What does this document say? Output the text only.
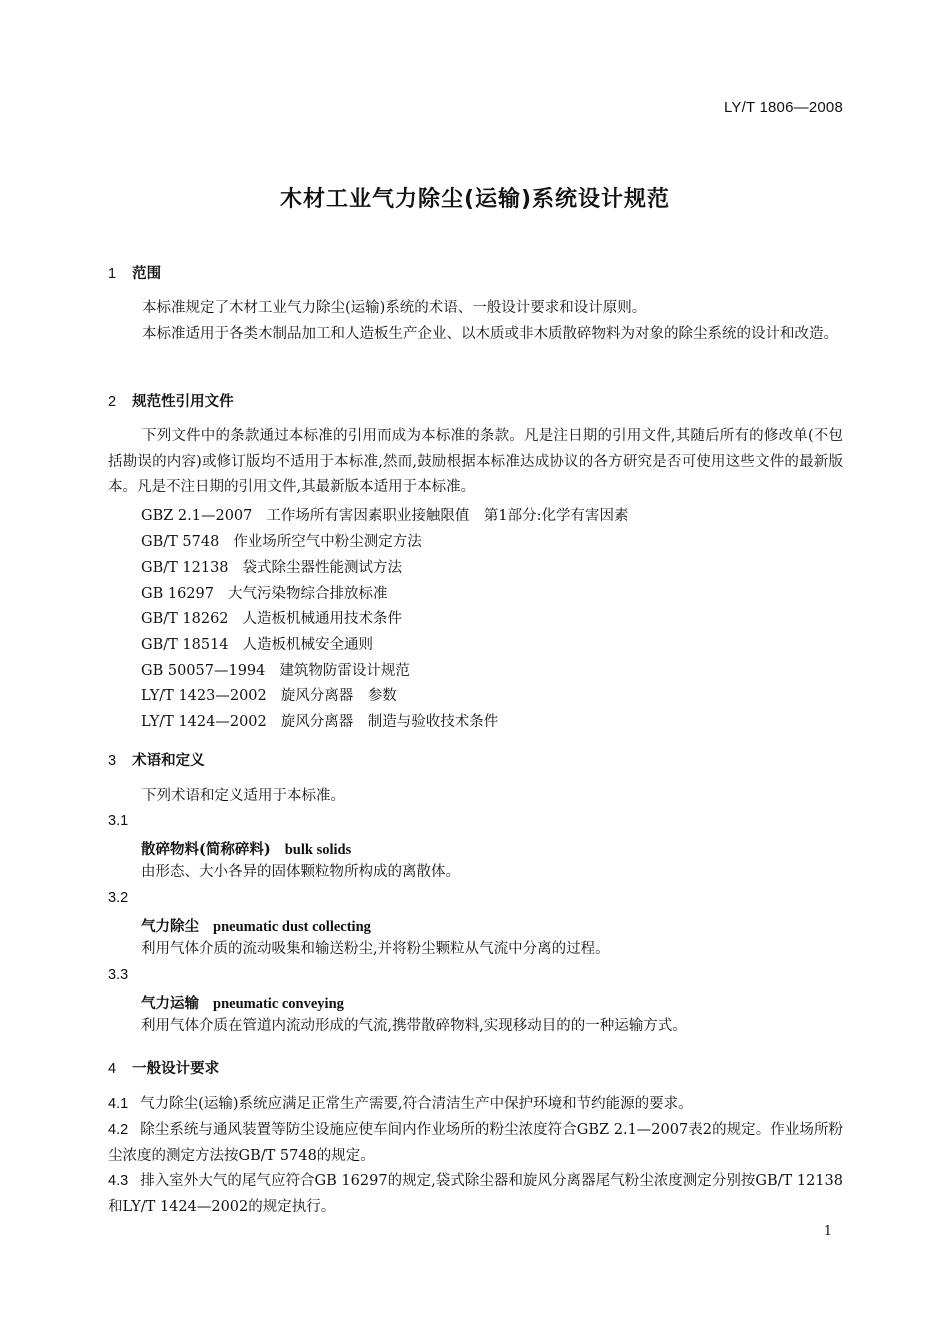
LY/T 1806—2008
木材工业气力除尘(运输)系统设计规范
1 范围
本标准规定了木材工业气力除尘(运输)系统的术语、一般设计要求和设计原则。
本标准适用于各类木制品加工和人造板生产企业、以木质或非木质散碎物料为对象的除尘系统的设计和改造。
2 规范性引用文件
下列文件中的条款通过本标准的引用而成为本标准的条款。凡是注日期的引用文件,其随后所有的修改单(不包括勘误的内容)或修订版均不适用于本标准,然而,鼓励根据本标准达成协议的各方研究是否可使用这些文件的最新版本。凡是不注日期的引用文件,其最新版本适用于本标准。
GBZ 2.1—2007 工作场所有害因素职业接触限值　第1部分:化学有害因素
GB/T 5748 作业场所空气中粉尘测定方法
GB/T 12138 袋式除尘器性能测试方法
GB 16297 大气污染物综合排放标准
GB/T 18262 人造板机械通用技术条件
GB/T 18514 人造板机械安全通则
GB 50057—1994 建筑物防雷设计规范
LY/T 1423—2002 旋风分离器　参数
LY/T 1424—2002 旋风分离器　制造与验收技术条件
3 术语和定义
下列术语和定义适用于本标准。
3.1
散碎物料(简称碎料) bulk solids
由形态、大小各异的固体颗粒物所构成的离散体。
3.2
气力除尘 pneumatic dust collecting
利用气体介质的流动吸集和输送粉尘,并将粉尘颗粒从气流中分离的过程。
3.3
气力运输 pneumatic conveying
利用气体介质在管道内流动形成的气流,携带散碎物料,实现移动目的的一种运输方式。
4 一般设计要求
4.1 气力除尘(运输)系统应满足正常生产需要,符合清洁生产中保护环境和节约能源的要求。
4.2 除尘系统与通风装置等防尘设施应使车间内作业场所的粉尘浓度符合GBZ 2.1—2007表2的规定。作业场所粉尘浓度的测定方法按GB/T 5748的规定。
4.3 排入室外大气的尾气应符合GB 16297的规定,袋式除尘器和旋风分离器尾气粉尘浓度测定分别按GB/T 12138和LY/T 1424—2002的规定执行。
1
